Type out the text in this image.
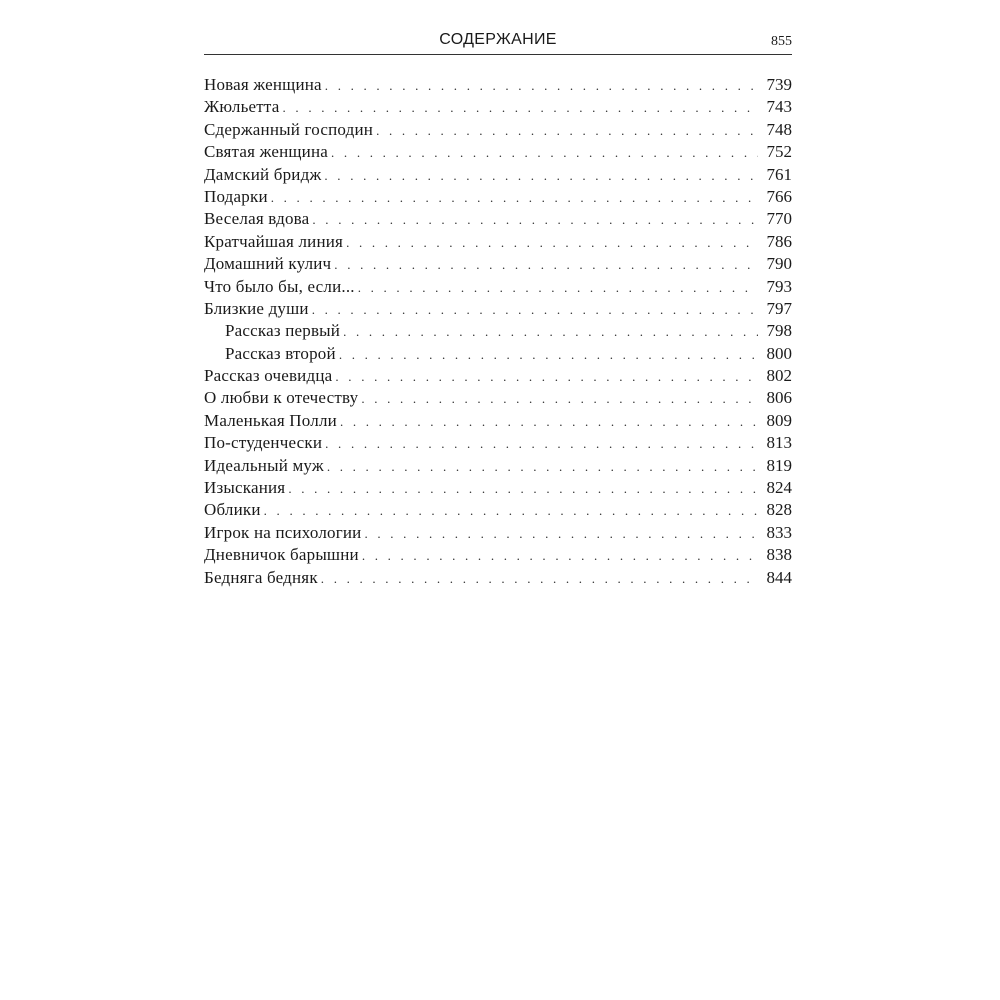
СОДЕРЖАНИЕ	855
Новая женщина . . .	739
Жюльетта . . .	743
Сдержанный господин . . .	748
Святая женщина . . .	752
Дамский бридж . . .	761
Подарки . . .	766
Веселая вдова . . .	770
Кратчайшая линия . . .	786
Домашний кулич . . .	790
Что было бы, если... . . .	793
Близкие души . . .	797
Рассказ первый . . .	798
Рассказ второй . . .	800
Рассказ очевидца . . .	802
О любви к отечеству . . .	806
Маленькая Полли . . .	809
По-студенчески . . .	813
Идеальный муж . . .	819
Изыскания . . .	824
Облики . . .	828
Игрок на психологии . . .	833
Дневничок барышни . . .	838
Бедняга бедняк . . .	844
